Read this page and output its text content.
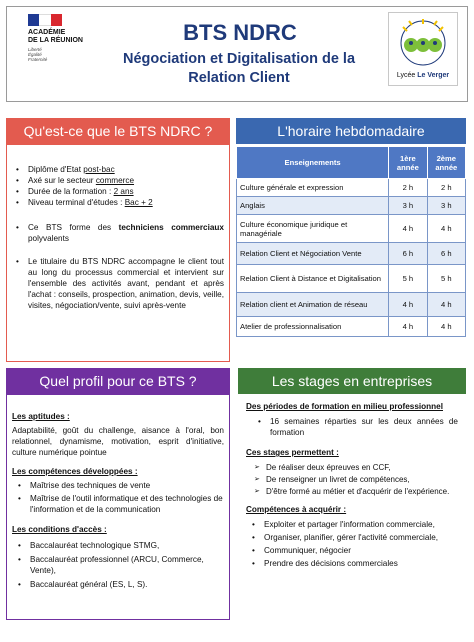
ACADÉMIE
DE LA RÉUNION
Liberté
Égalité
Fraternité
BTS NDRC
Négociation et Digitalisation de la
Relation Client	Lycée Le Verger
Qu'est-ce que le BTS NDRC ?
• Diplôme d'Etat post-bac
• Axé sur le secteur commerce
• Durée de la formation : 2 ans
• Niveau terminal d'études : Bac + 2
• Ce BTS forme des techniciens commerciaux polyvalents
• Le titulaire du BTS NDRC accompagne le client tout au long du processus commercial et intervient sur l'ensemble des activités avant, pendant et après l'achat : conseils, prospection, animation, devis, veille, visites, négociation/vente, suivi après-vente
L'horaire hebdomadaire
Enseignements	1ère année	2ème année
Culture générale et expression	2 h	2 h
Anglais	3 h	3 h
Culture économique juridique et managériale	4 h	4 h
Relation Client et Négociation Vente	6 h	6 h
Relation Client à Distance et Digitalisation	5 h	5 h
Relation client et Animation de réseau	4 h	4 h
Atelier de professionnalisation	4 h	4 h
Quel profil pour ce BTS ?
Les aptitudes :
Adaptabilité, goût du challenge, aisance à l'oral, bon relationnel, dynamisme, motivation, esprit d'initiative, culture numérique pointue
Les compétences développées :
• Maîtrise des techniques de vente
• Maîtrise de l'outil informatique et des technologies de l'information et de la communication
Les conditions d'accès :
• Baccalauréat technologique STMG,
• Baccalauréat professionnel (ARCU, Commerce, Vente),
• Baccalauréat général (ES, L, S).
Les stages en entreprises
Des périodes de formation en milieu professionnel
• 16 semaines réparties sur les deux années de formation
Ces stages permettent :
➢ De réaliser deux épreuves en CCF,
➢ De renseigner un livret de compétences,
➢ D'être formé au métier et d'acquérir de l'expérience.
Compétences à acquérir :
• Exploiter et partager l'information commerciale,
• Organiser, planifier, gérer l'activité commerciale,
• Communiquer, négocier
• Prendre des décisions commerciales
